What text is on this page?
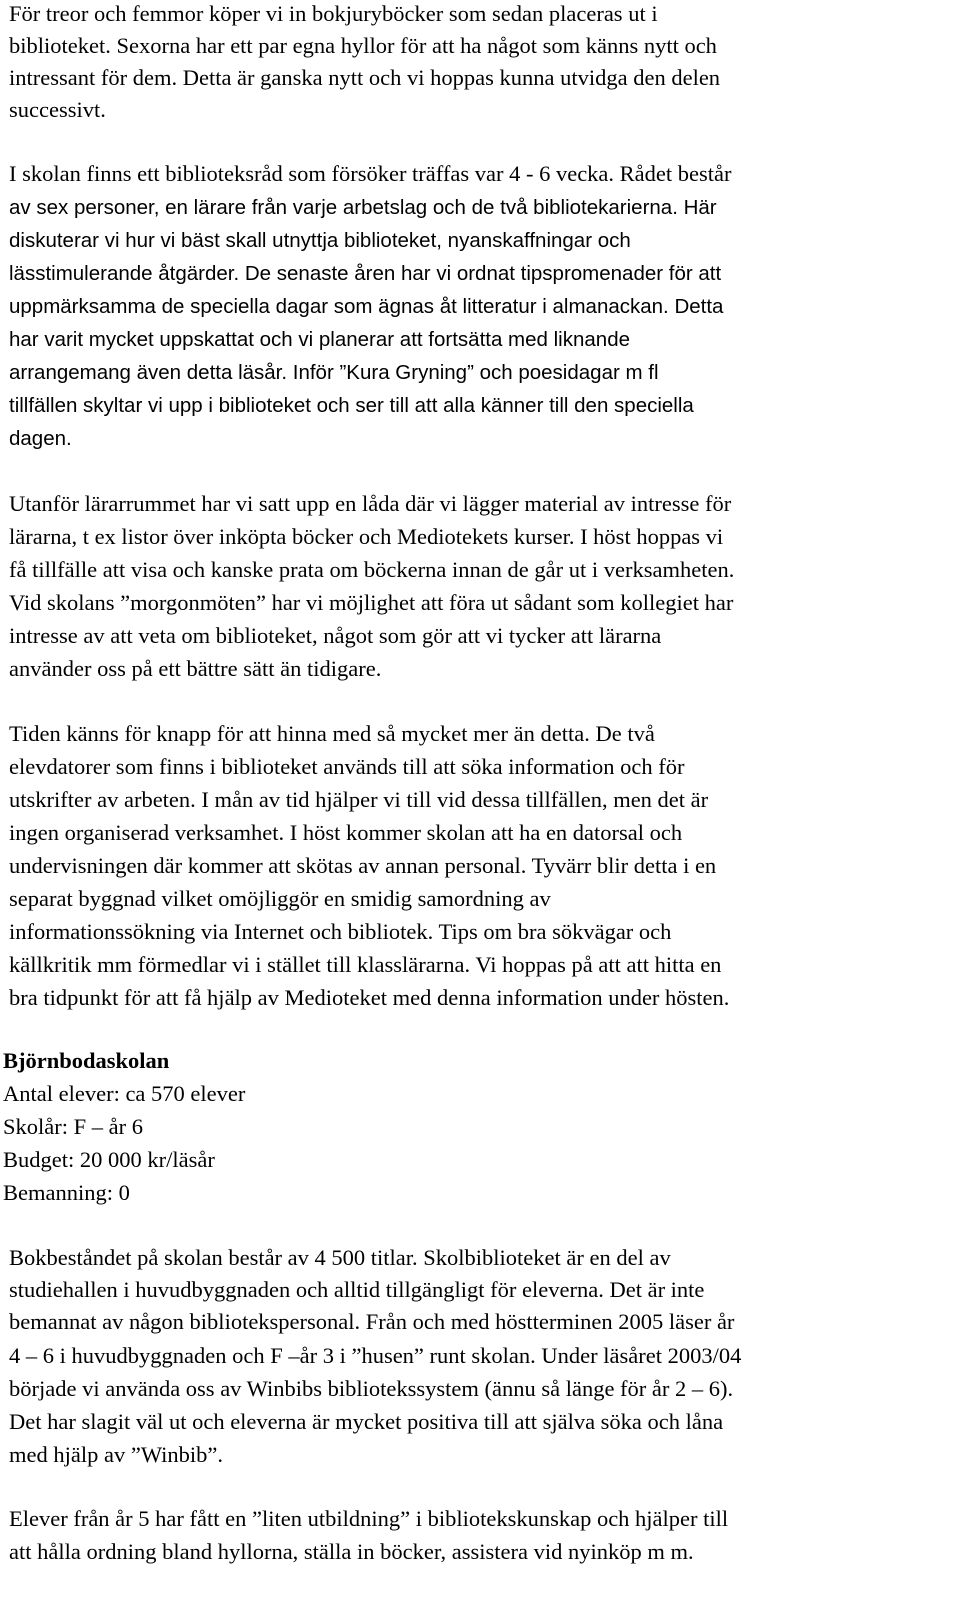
För treor och femmor köper vi in bokjuryböcker som sedan placeras ut i
biblioteket. Sexorna har ett par egna hyllor för att ha något som känns nytt och
intressant för dem. Detta är ganska nytt och vi hoppas kunna utvidga den delen
successivt.
I skolan finns ett biblioteksråd som försöker träffas var 4 - 6 vecka. Rådet består
av sex personer, en lärare från varje arbetslag och de två bibliotekarierna. Här
diskuterar vi hur vi bäst skall utnyttja biblioteket, nyanskaffningar och
lässtimulerande åtgärder. De senaste åren har vi ordnat tipspromenader för att
uppmärksamma de speciella dagar som ägnas åt litteratur i almanackan. Detta
har varit mycket uppskattat och vi planerar att fortsätta med liknande
arrangemang även detta läsår. Inför ”Kura Gryning” och poesidagar m fl
tillfällen skyltar vi upp i biblioteket och ser till att alla känner till den speciella
dagen.
Utanför lärarrummet har vi satt upp en låda där vi lägger material av intresse för
lärarna, t ex listor över inköpta böcker och Mediotekets kurser. I höst hoppas vi
få tillfälle att visa och kanske prata om böckerna innan de går ut i verksamheten.
Vid skolans ”morgonmöten” har vi möjlighet att föra ut sådant som kollegiet har
intresse av att veta om biblioteket, något som gör att vi tycker att lärarna
använder oss på ett bättre sätt än tidigare.
Tiden känns för knapp för att hinna med så mycket mer än detta. De två
elevdatorer som finns i biblioteket används till att söka information och för
utskrifter av arbeten. I mån av tid hjälper vi till vid dessa tillfällen, men det är
ingen organiserad verksamhet. I höst kommer skolan att ha en datorsal och
undervisningen där kommer att skötas av annan personal. Tyvärr blir detta i en
separat byggnad vilket omöjliggör en smidig samordning av
informationssökning via Internet och bibliotek. Tips om bra sökvägar och
källkritik mm förmedlar vi i stället till klasslärarna. Vi hoppas på att att hitta en
bra tidpunkt för att få hjälp av Medioteket med denna information under hösten.
Björnbodaskolan
Antal elever: ca 570 elever
Skolår: F – år 6
Budget: 20 000 kr/läsår
Bemanning: 0
Bokbeståndet på skolan består av 4 500 titlar. Skolbiblioteket är en del av
studiehallen i huvudbyggnaden och alltid tillgängligt för eleverna. Det är inte
bemannat av någon bibliotekspersonal. Från och med höstterminen 2005 läser år
4 – 6 i huvudbyggnaden och F –år 3 i ”husen” runt skolan. Under läsåret 2003/04
började vi använda oss av Winbibs bibliotekssystem (ännu så länge för år 2 – 6).
Det har slagit väl ut och eleverna är mycket positiva till att själva söka och låna
med hjälp av ”Winbib”.
Elever från år 5 har fått en ”liten utbildning” i bibliotekskunskap och hjälper till
att hålla ordning bland hyllorna, ställa in böcker, assistera vid nyinköp m m.
